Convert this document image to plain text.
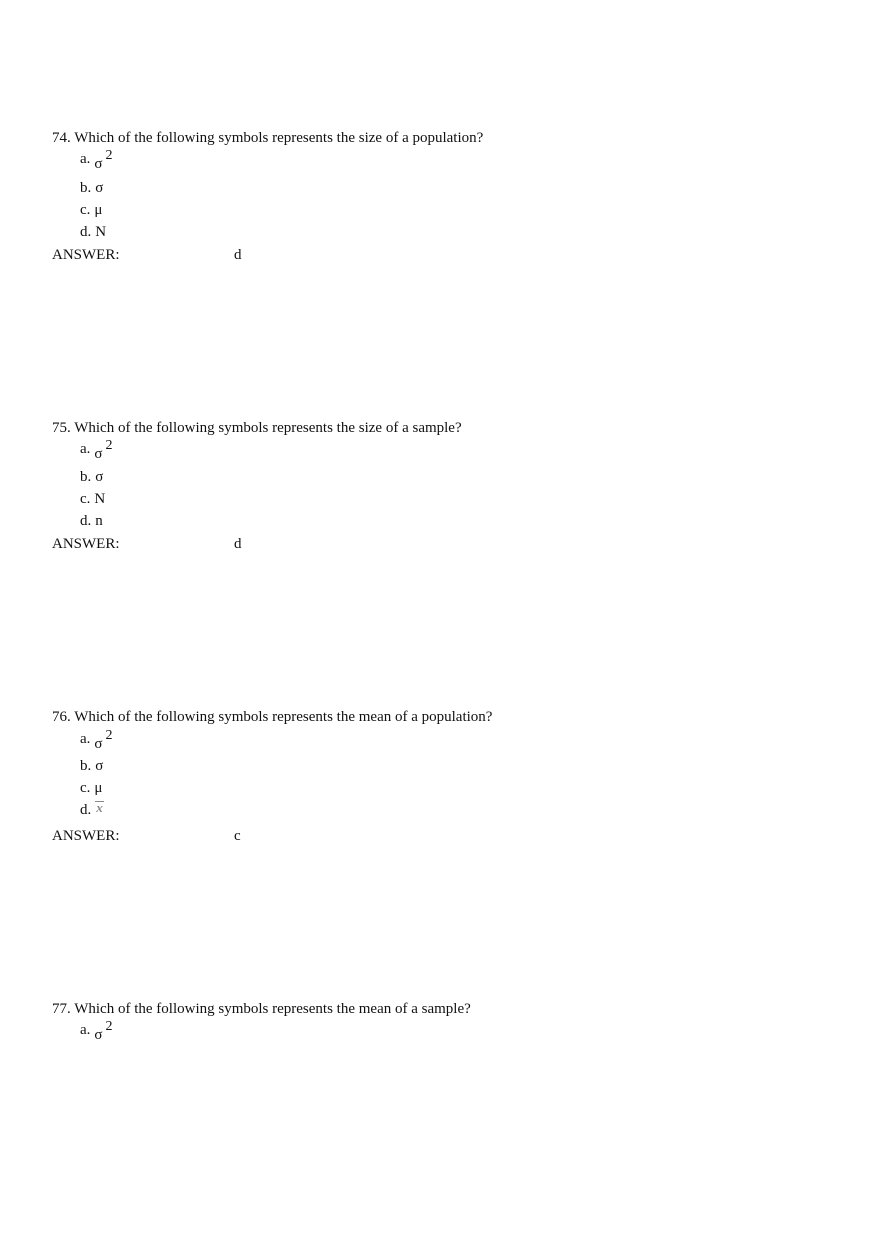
74. Which of the following symbols represents the size of a population?
a. σ2
b. σ
c. μ
d. N
ANSWER:	d
75. Which of the following symbols represents the size of a sample?
a. σ2
b. σ
c. N
d. n
ANSWER:	d
76. Which of the following symbols represents the mean of a population?
a. σ2
b. σ
c. μ
d. x
ANSWER:	c
77. Which of the following symbols represents the mean of a sample?
a. σ2
